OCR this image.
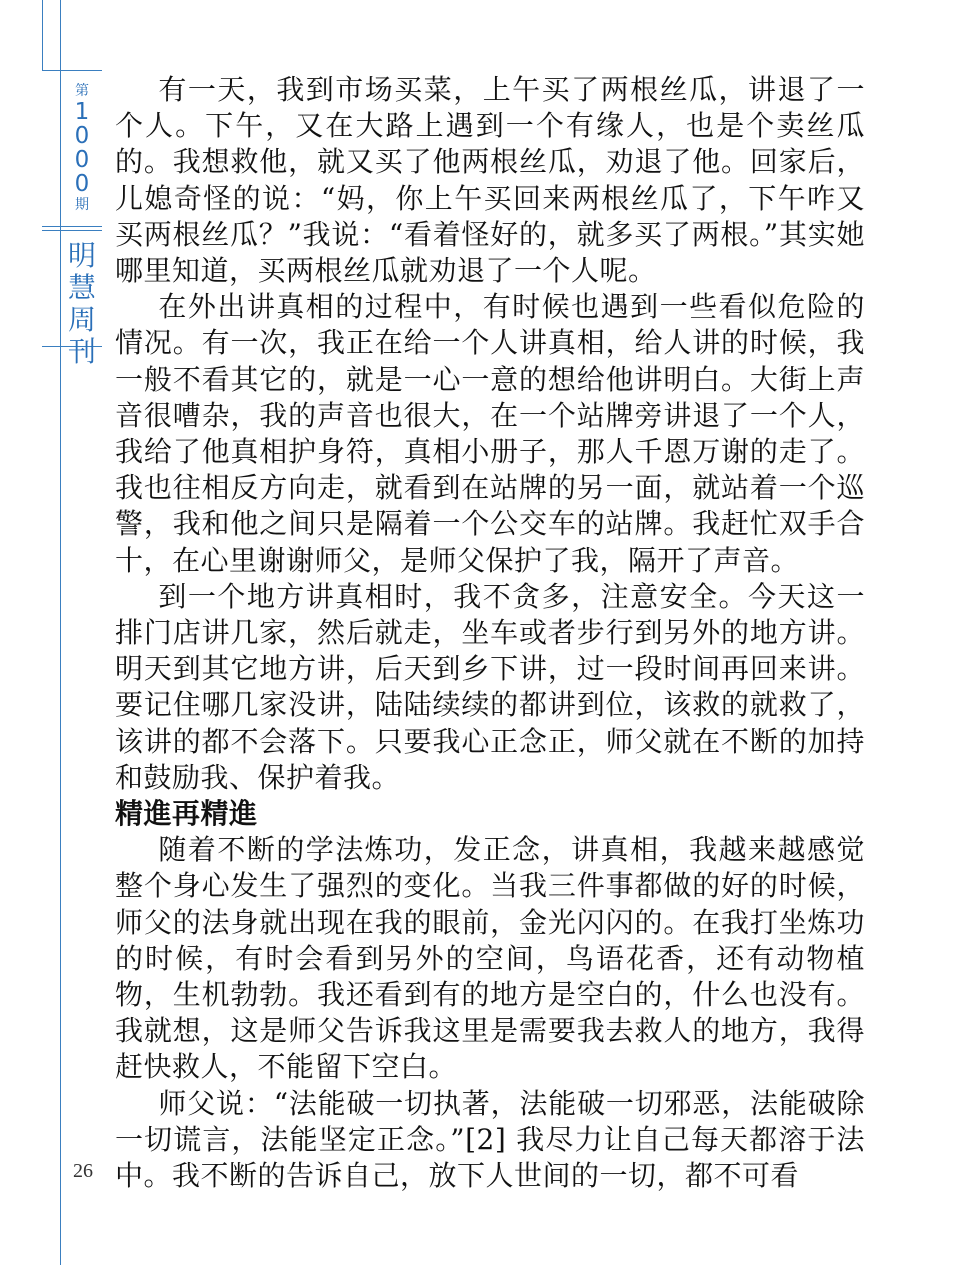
第
1
0
0
0
期
明
慧
周
刊
26

有一天，我到市场买菜，上午买了两根丝瓜，讲退了一个人。下午，又在大路上遇到一个有缘人，也是个卖丝瓜的。我想救他，就又买了他两根丝瓜，劝退了他。回家后，儿媳奇怪的说：“妈，你上午买回来两根丝瓜了，下午咋又买两根丝瓜？”我说：“看着怪好的，就多买了两根。”其实她哪里知道，买两根丝瓜就劝退了一个人呢。

在外出讲真相的过程中，有时候也遇到一些看似危险的情况。有一次，我正在给一个人讲真相，给人讲的时候，我一般不看其它的，就是一心一意的想给他讲明白。大街上声音很嘈杂，我的声音也很大，在一个站牌旁讲退了一个人，我给了他真相护身符，真相小册子，那人千恩万谢的走了。我也往相反方向走，就看到在站牌的另一面，就站着一个巡警，我和他之间只是隔着一个公交车的站牌。我赶忙双手合十，在心里谢谢师父，是师父保护了我，隔开了声音。

到一个地方讲真相时，我不贪多，注意安全。今天这一排门店讲几家，然后就走，坐车或者步行到另外的地方讲。明天到其它地方讲，后天到乡下讲，过一段时间再回来讲。要记住哪几家没讲，陆陆续续的都讲到位，该救的就救了，该讲的都不会落下。只要我心正念正，师父就在不断的加持和鼓励我、保护着我。

精進再精進

随着不断的学法炼功，发正念，讲真相，我越来越感觉整个身心发生了强烈的变化。当我三件事都做的好的时候，师父的法身就出现在我的眼前，金光闪闪的。在我打坐炼功的时候，有时会看到另外的空间，鸟语花香，还有动物植物，生机勃勃。我还看到有的地方是空白的，什么也没有。我就想，这是师父告诉我这里是需要我去救人的地方，我得赶快救人，不能留下空白。

师父说：“法能破一切执著，法能破一切邪恶，法能破除一切谎言，法能坚定正念。”[2] 我尽力让自己每天都溶于法中。我不断的告诉自己，放下人世间的一切，都不可看
